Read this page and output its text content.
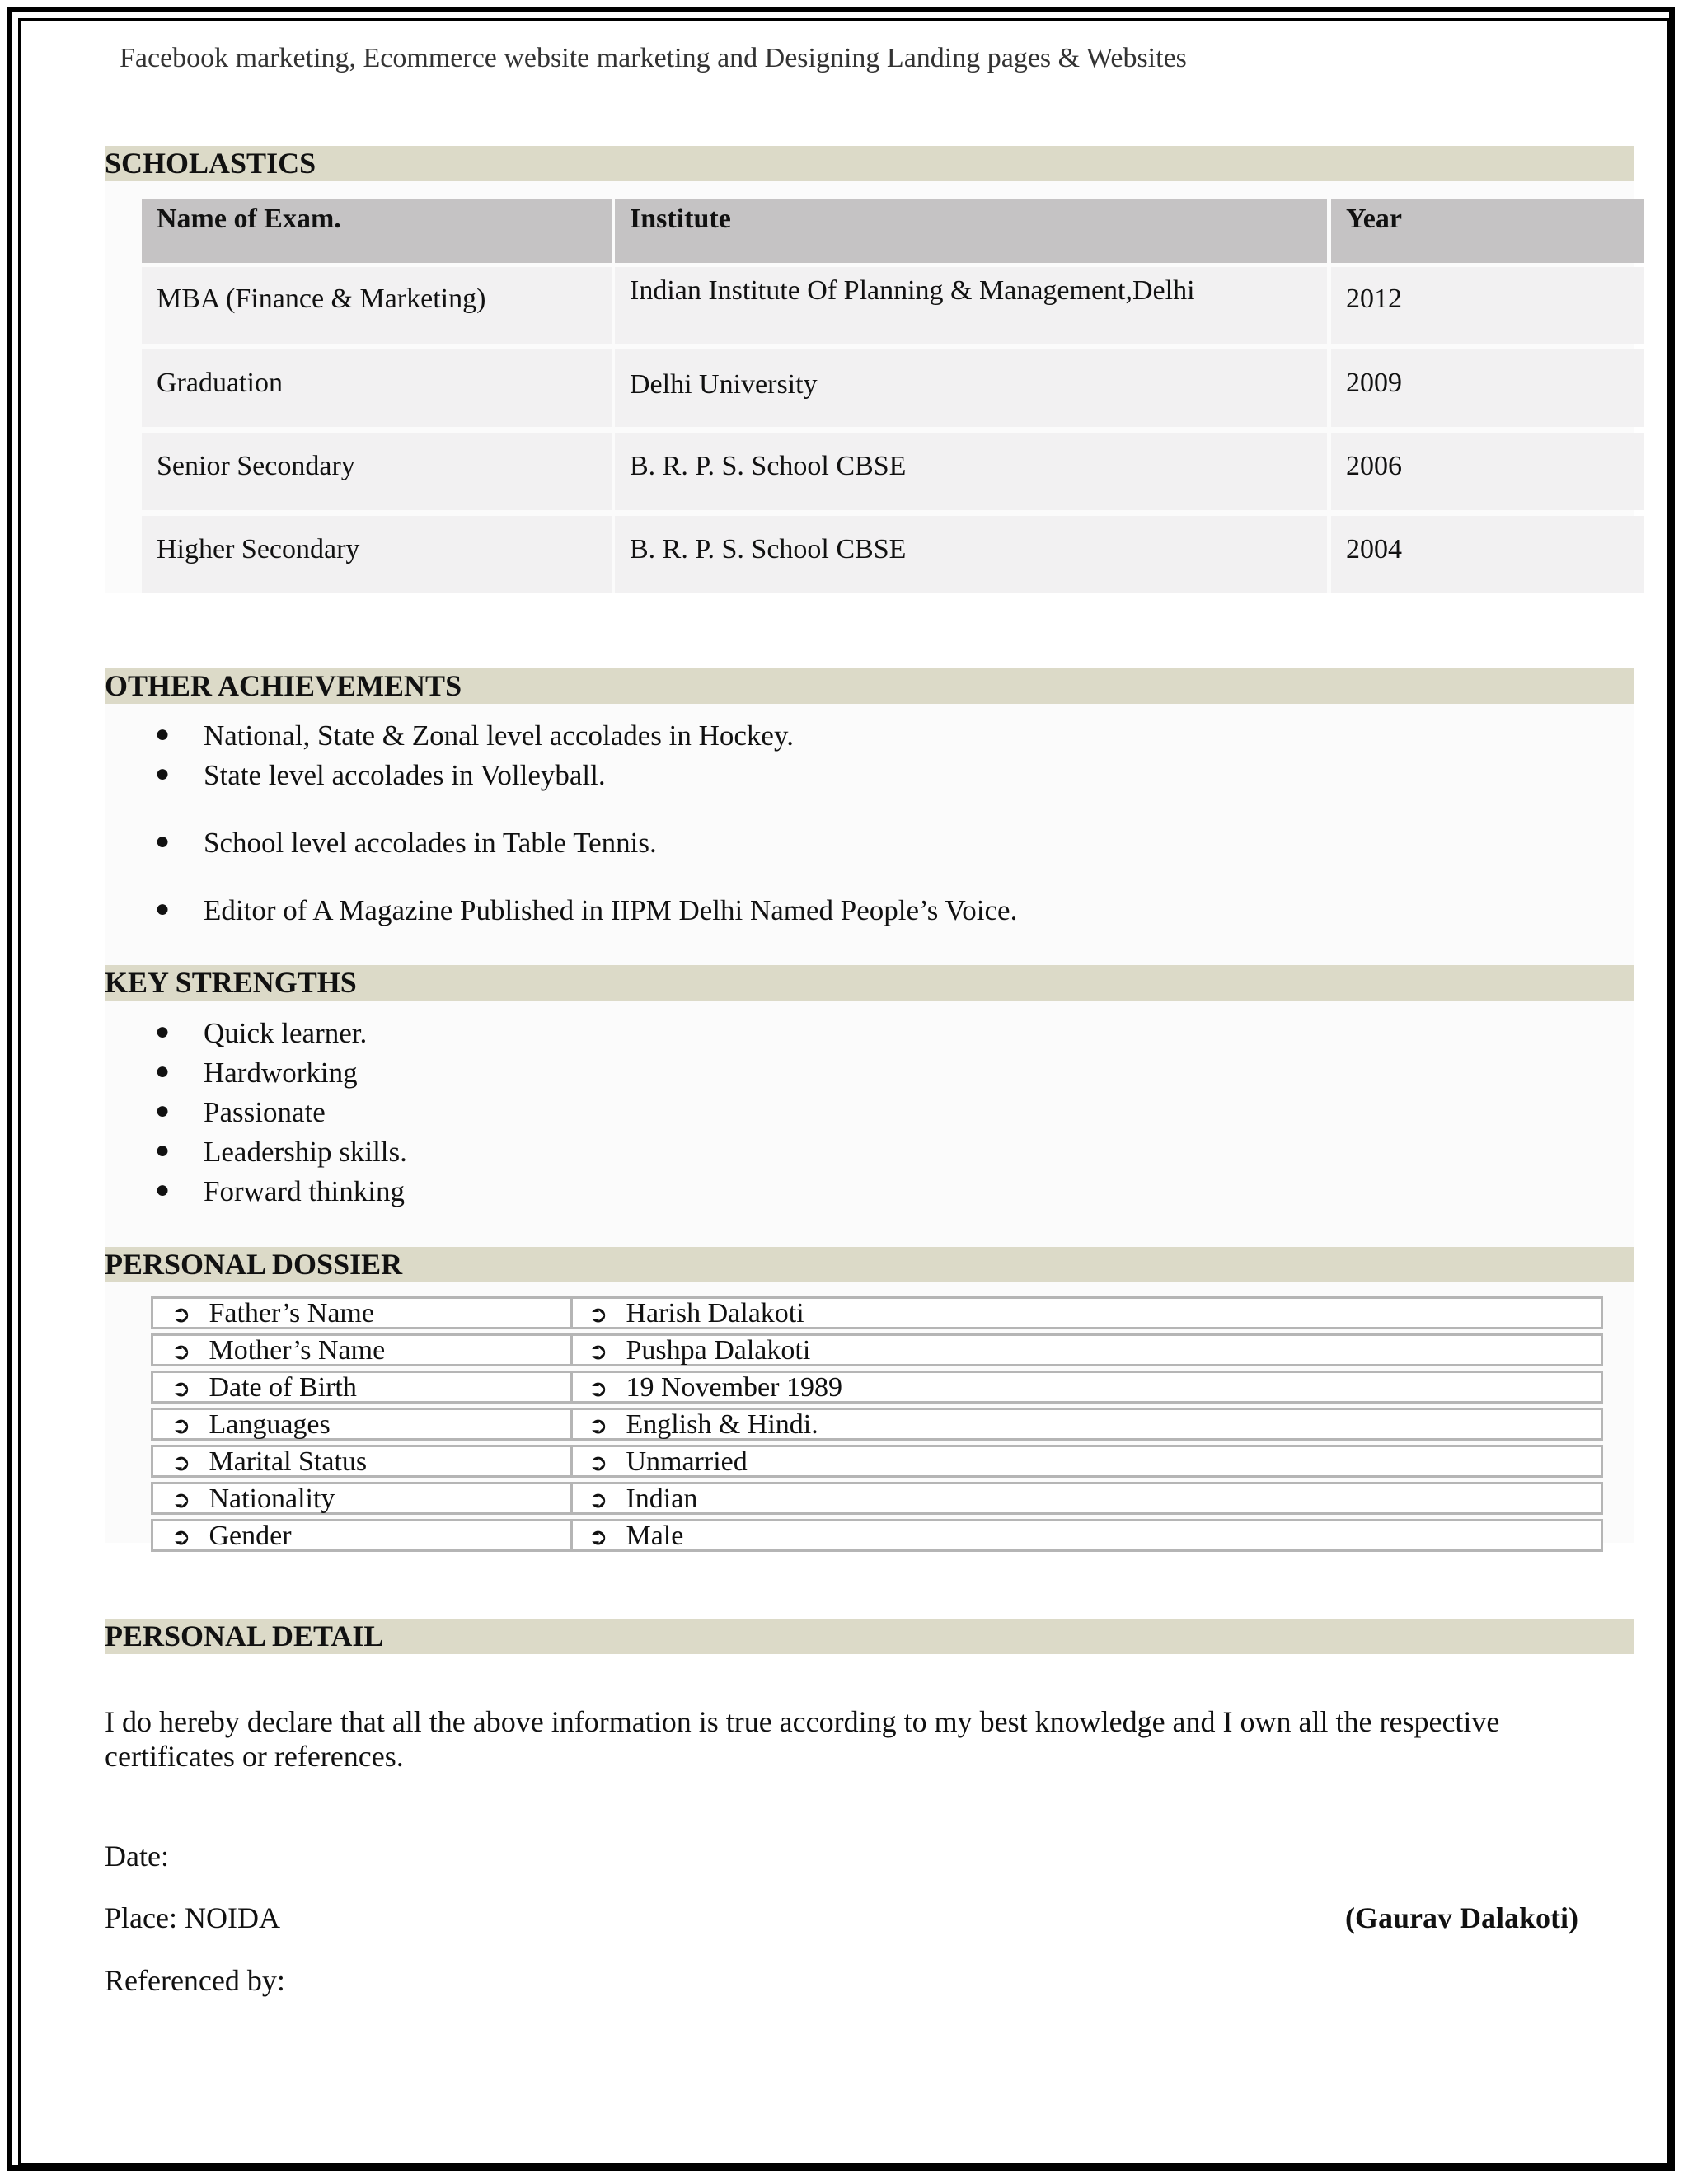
Facebook marketing, Ecommerce website marketing and Designing Landing pages & Websites
SCHOLASTICS
Name of Exam.	Institute	Year
MBA (Finance & Marketing)	Indian Institute Of Planning & Management,Delhi	2012
Graduation	Delhi University	2009
Senior Secondary	B. R. P. S. School CBSE	2006
Higher Secondary	B. R. P. S. School CBSE	2004
OTHER ACHIEVEMENTS
● National, State & Zonal level accolades in Hockey.
● State level accolades in Volleyball.
● School level accolades in Table Tennis.
● Editor of A Magazine Published in IIPM Delhi Named People’s Voice.
KEY STRENGTHS
● Quick learner.
● Hardworking
● Passionate
● Leadership skills.
● Forward thinking
PERSONAL DOSSIER
➲ Father’s Name	➲ Harish Dalakoti
➲ Mother’s Name	➲ Pushpa Dalakoti
➲ Date of Birth	➲ 19 November 1989
➲ Languages	➲ English & Hindi.
➲ Marital Status	➲ Unmarried
➲ Nationality	➲ Indian
➲ Gender	➲ Male
PERSONAL DETAIL
I do hereby declare that all the above information is true according to my best knowledge and I own all the respective
certificates or references.
Date:
Place: NOIDA	(Gaurav Dalakoti)
Referenced by:
